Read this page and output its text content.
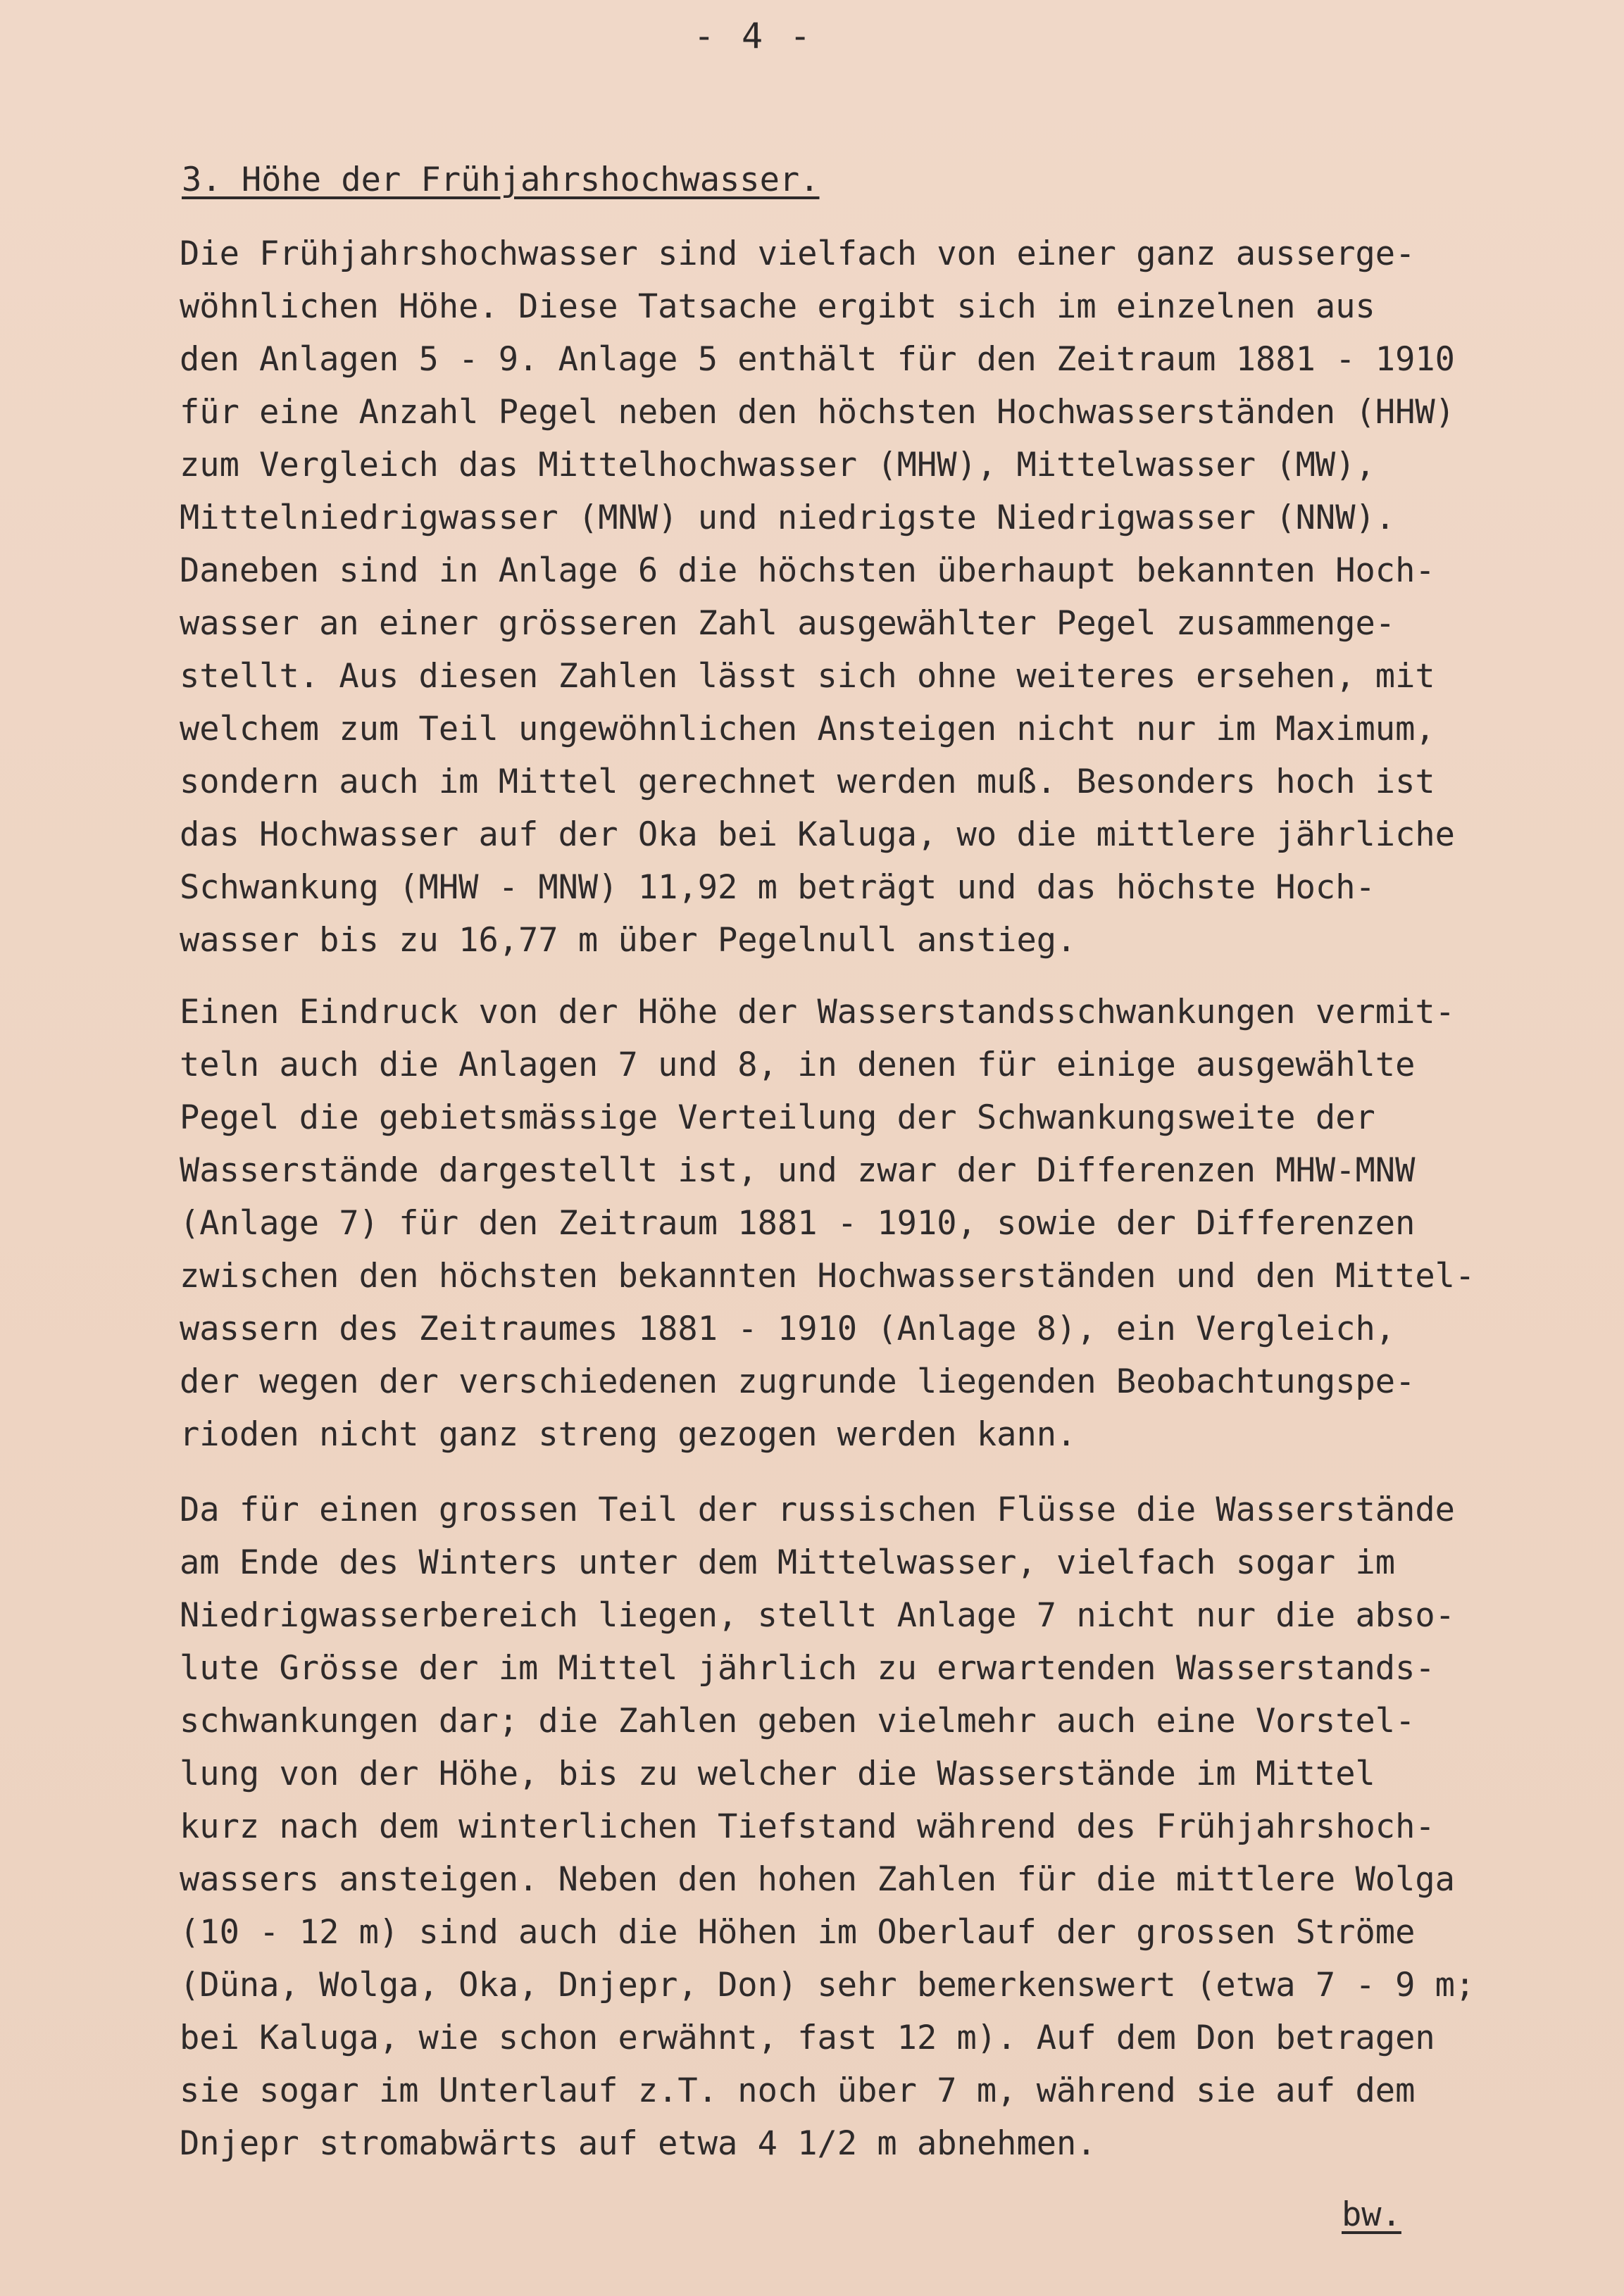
- 4 -
3. Höhe der Frühjahrshochwasser.
Die Frühjahrshochwasser sind vielfach von einer ganz ausserge-
wöhnlichen Höhe. Diese Tatsache ergibt sich im einzelnen aus
den Anlagen 5 - 9. Anlage 5 enthält für den Zeitraum 1881 - 1910
für eine Anzahl Pegel neben den höchsten Hochwasserständen (HHW)
zum Vergleich das Mittelhochwasser (MHW), Mittelwasser (MW),
Mittelniedrigwasser (MNW) und niedrigste Niedrigwasser (NNW).
Daneben sind in Anlage 6 die höchsten überhaupt bekannten Hoch-
wasser an einer grösseren Zahl ausgewählter Pegel zusammenge-
stellt. Aus diesen Zahlen lässt sich ohne weiteres ersehen, mit
welchem zum Teil ungewöhnlichen Ansteigen nicht nur im Maximum,
sondern auch im Mittel gerechnet werden muß. Besonders hoch ist
das Hochwasser auf der Oka bei Kaluga, wo die mittlere jährliche
Schwankung (MHW - MNW) 11,92 m beträgt und das höchste Hoch-
wasser bis zu 16,77 m über Pegelnull anstieg.
Einen Eindruck von der Höhe der Wasserstandsschwankungen vermit-
teln auch die Anlagen 7 und 8, in denen für einige ausgewählte
Pegel die gebietsmässige Verteilung der Schwankungsweite der
Wasserstände dargestellt ist, und zwar der Differenzen MHW-MNW
(Anlage 7) für den Zeitraum 1881 - 1910, sowie der Differenzen
zwischen den höchsten bekannten Hochwasserständen und den Mittel-
wassern des Zeitraumes 1881 - 1910 (Anlage 8), ein Vergleich,
der wegen der verschiedenen zugrunde liegenden Beobachtungspe-
rioden nicht ganz streng gezogen werden kann.
Da für einen grossen Teil der russischen Flüsse die Wasserstände
am Ende des Winters unter dem Mittelwasser, vielfach sogar im
Niedrigwasserbereich liegen, stellt Anlage 7 nicht nur die abso-
lute Grösse der im Mittel jährlich zu erwartenden Wasserstands-
schwankungen dar; die Zahlen geben vielmehr auch eine Vorstel-
lung von der Höhe, bis zu welcher die Wasserstände im Mittel
kurz nach dem winterlichen Tiefstand während des Frühjahrshoch-
wassers ansteigen. Neben den hohen Zahlen für die mittlere Wolga
(10 - 12 m) sind auch die Höhen im Oberlauf der grossen Ströme
(Düna, Wolga, Oka, Dnjepr, Don) sehr bemerkenswert (etwa 7 - 9 m;
bei Kaluga, wie schon erwähnt, fast 12 m). Auf dem Don betragen
sie sogar im Unterlauf z.T. noch über 7 m, während sie auf dem
Dnjepr stromabwärts auf etwa 4 1/2 m abnehmen.
bw.
